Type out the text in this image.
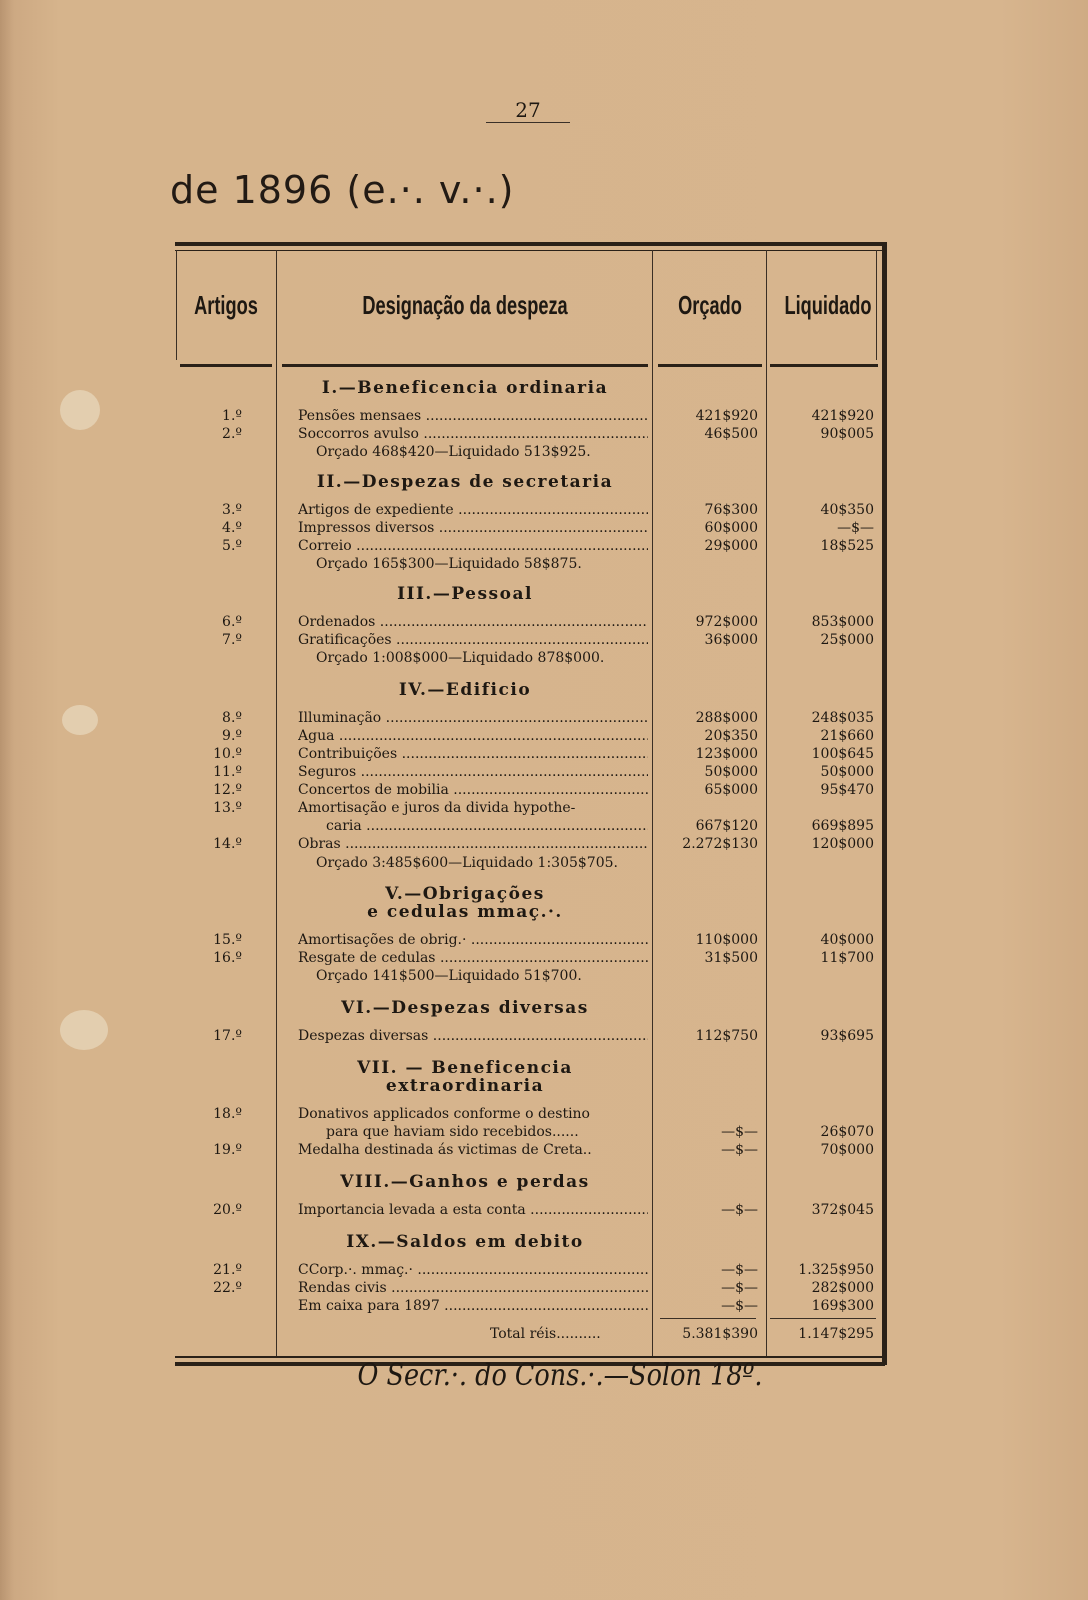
27
de 1896 (e.·. v.·.)
Artigos	Designação da despeza	Orçado Liquidado
I.—Beneficencia ordinaria
1.º	Pensões mensaes .....	421$920	421$920
2.º	Soccorros avulso .....	46$500	90$005
Orçado 468$420—Liquidado 513$925.
II.—Despezas de secretaria
3.º	Artigos de expediente .....	76$300	40$350
4.º	Impressos diversos .....	60$000	—$—
5.º	Correio .....	29$000	18$525
Orçado 165$300—Liquidado 58$875.
III.—Pessoal
6.º	Ordenados .....	972$000	853$000
7.º	Gratificações .....	36$000	25$000
Orçado 1:008$000—Liquidado 878$000.
IV.—Edificio
8.º	Illuminação .....	288$000	248$035
9.º	Agua .....	20$350	21$660
10.º	Contribuições .....	123$000	100$645
11.º	Seguros .....	50$000	50$000
12.º	Concertos de mobilia .....	65$000	95$470
13.º	Amortisação e juros da divida hypothe-
caria .....	667$120	669$895
14.º	Obras .....	2.272$130	120$000
Orçado 3:485$600—Liquidado 1:305$705.
V.—Obrigações
e cedulas mmaç.·.
15.º	Amortisações de obrig.· .....	110$000	40$000
16.º	Resgate de cedulas .....	31$500	11$700
Orçado 141$500—Liquidado 51$700.
VI.—Despezas diversas
17.º	Despezas diversas .....	112$750	93$695
VII. — Beneficencia
extraordinaria
18.º	Donativos applicados conforme o destino
para que haviam sido recebidos......	—$—	26$070
19.º	Medalha destinada ás victimas de Creta..	—$—	70$000
VIII.—Ganhos e perdas
20.º	Importancia levada a esta conta .....	—$—	372$045
IX.—Saldos em debito
21.º	CCorp.·. mmaç.· .....	—$—	1.325$950
22.º	Rendas civis .....	—$—	282$000
Em caixa para 1897 .....	—$—	169$300
Total réis..........	5.381$390	1.147$295
O Secr.·. do Cons.·.—Solon 18º.
